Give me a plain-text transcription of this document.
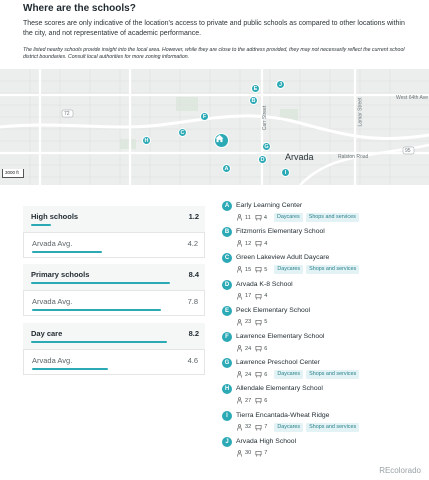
Where are the schools?
These scores are only indicative of the location's access to private and public schools as compared to other locations within the city, and not representative of academic performance.
The listed nearby schools provide insight into the local area. However, while they are close to the address provided, they may not necessarily reflect the current school district boundaries. Consult local authorities for more zoning information.
72
95
West 64th Ave
Carr Street	Lamar Street
Ralston Road
Arvada
A
B
C
D
E
F
G
H
I
J
3000 ft
High schools	1.2
Arvada Avg.	4.2
Primary schools	8.4
Arvada Avg.	7.8
Day care	8.2
Arvada Avg.	4.6
A	Early Learning Center
11 4	Daycares	Shops and services
B	Fitzmorris Elementary School
12 4
C	Green Lakeview Adult Daycare
15 5	Daycares	Shops and services
D	Arvada K-8 School
17 4
E	Peck Elementary School
23 5
F	Lawrence Elementary School
24 6
G Lawrence Preschool Center
24 6	Daycares	Shops and services
H	Allendale Elementary School
27 6
I	Tierra Encantada-Wheat Ridge
32 7	Daycares	Shops and services
J	Arvada High School
30 7
REcolorado
